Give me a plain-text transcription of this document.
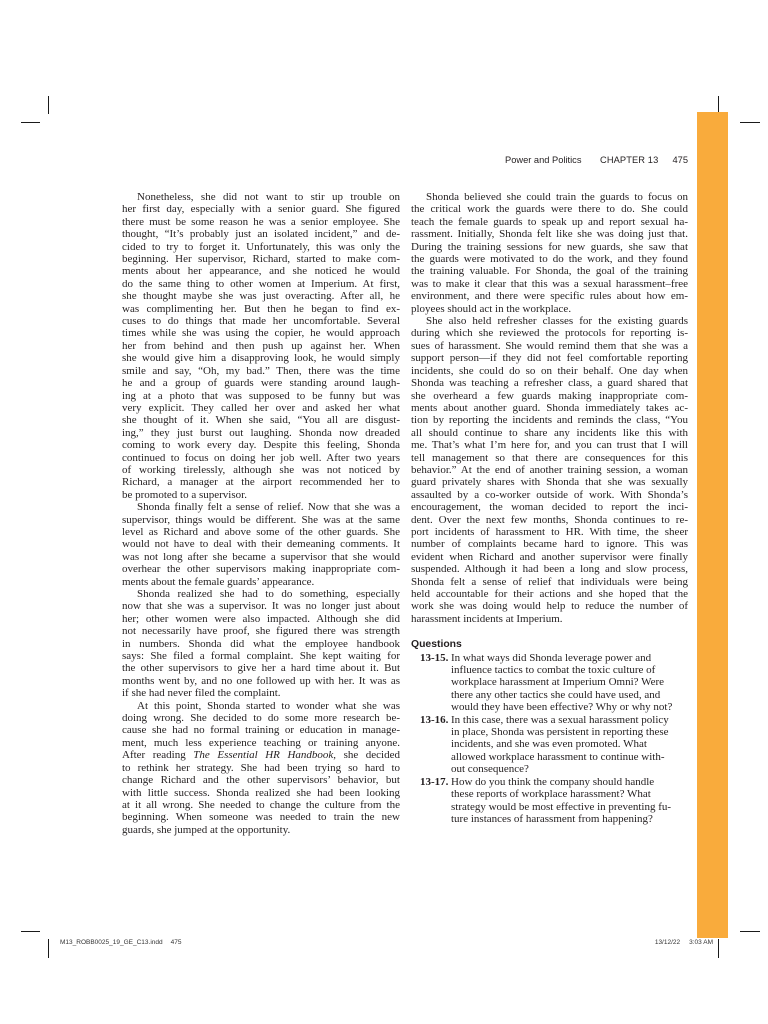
Power and Politics CHAPTER 13 475
Nonetheless, she did not want to stir up trouble on
her first day, especially with a senior guard. She figured
there must be some reason he was a senior employee. She
thought, “It’s probably just an isolated incident,” and de-
cided to try to forget it. Unfortunately, this was only the
beginning. Her supervisor, Richard, started to make com-
ments about her appearance, and she noticed he would
do the same thing to other women at Imperium. At first,
she thought maybe she was just overacting. After all, he
was complimenting her. But then he began to find ex-
cuses to do things that made her uncomfortable. Several
times while she was using the copier, he would approach
her from behind and then push up against her. When
she would give him a disapproving look, he would simply
smile and say, “Oh, my bad.” Then, there was the time
he and a group of guards were standing around laugh-
ing at a photo that was supposed to be funny but was
very explicit. They called her over and asked her what
she thought of it. When she said, “You all are disgust-
ing,” they just burst out laughing. Shonda now dreaded
coming to work every day. Despite this feeling, Shonda
continued to focus on doing her job well. After two years
of working tirelessly, although she was not noticed by
Richard, a manager at the airport recommended her to
be promoted to a supervisor.
Shonda finally felt a sense of relief. Now that she was a
supervisor, things would be different. She was at the same
level as Richard and above some of the other guards. She
would not have to deal with their demeaning comments. It
was not long after she became a supervisor that she would
overhear the other supervisors making inappropriate com-
ments about the female guards’ appearance.
Shonda realized she had to do something, especially
now that she was a supervisor. It was no longer just about
her; other women were also impacted. Although she did
not necessarily have proof, she figured there was strength
in numbers. Shonda did what the employee handbook
says: She filed a formal complaint. She kept waiting for
the other supervisors to give her a hard time about it. But
months went by, and no one followed up with her. It was as
if she had never filed the complaint.
At this point, Shonda started to wonder what she was
doing wrong. She decided to do some more research be-
cause she had no formal training or education in manage-
ment, much less experience teaching or training anyone.
After reading The Essential HR Handbook, she decided
to rethink her strategy. She had been trying so hard to
change Richard and the other supervisors’ behavior, but
with little success. Shonda realized she had been looking
at it all wrong. She needed to change the culture from the
beginning. When someone was needed to train the new
guards, she jumped at the opportunity.
Shonda believed she could train the guards to focus on
the critical work the guards were there to do. She could
teach the female guards to speak up and report sexual ha-
rassment. Initially, Shonda felt like she was doing just that.
During the training sessions for new guards, she saw that
the guards were motivated to do the work, and they found
the training valuable. For Shonda, the goal of the training
was to make it clear that this was a sexual harassment–free
environment, and there were specific rules about how em-
ployees should act in the workplace.
She also held refresher classes for the existing guards
during which she reviewed the protocols for reporting is-
sues of harassment. She would remind them that she was a
support person—if they did not feel comfortable reporting
incidents, she could do so on their behalf. One day when
Shonda was teaching a refresher class, a guard shared that
she overheard a few guards making inappropriate com-
ments about another guard. Shonda immediately takes ac-
tion by reporting the incidents and reminds the class, “You
all should continue to share any incidents like this with
me. That’s what I’m here for, and you can trust that I will
tell management so that there are consequences for this
behavior.” At the end of another training session, a woman
guard privately shares with Shonda that she was sexually
assaulted by a co-worker outside of work. With Shonda’s
encouragement, the woman decided to report the inci-
dent. Over the next few months, Shonda continues to re-
port incidents of harassment to HR. With time, the sheer
number of complaints became hard to ignore. This was
evident when Richard and another supervisor were finally
suspended. Although it had been a long and slow process,
Shonda felt a sense of relief that individuals were being
held accountable for their actions and she hoped that the
work she was doing would help to reduce the number of
harassment incidents at Imperium.
Questions
13-15. In what ways did Shonda leverage power and
influence tactics to combat the toxic culture of
workplace harassment at Imperium Omni? Were
there any other tactics she could have used, and
would they have been effective? Why or why not?
13-16. In this case, there was a sexual harassment policy
in place, Shonda was persistent in reporting these
incidents, and she was even promoted. What
allowed workplace harassment to continue with-
out consequence?
13-17. How do you think the company should handle
these reports of workplace harassment? What
strategy would be most effective in preventing fu-
ture instances of harassment from happening?
M13_ROBB0025_19_GE_C13.indd 475	13/12/22 3:03 AM
